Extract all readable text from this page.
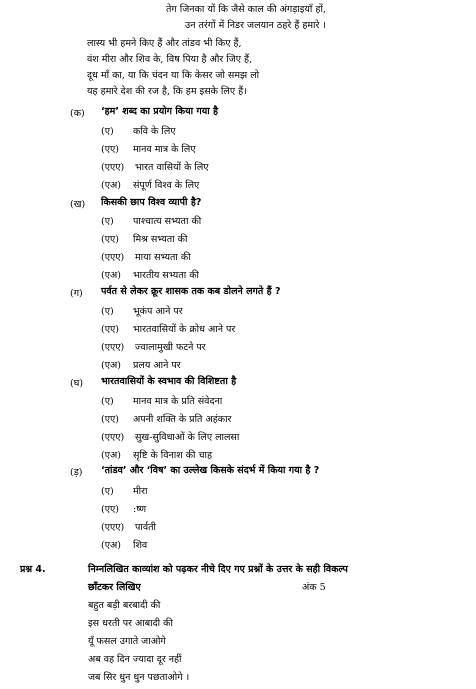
तेग जिनका यों कि जैसे काल की अंगड़ाइयाँ हों,
उन तरंगों में निडर जलयान ठहरे हैं हमारे ।
लास्य भी हमने किए हैं और तांडव भी किए हैं,
वंश मीरा और शिव के, विष पिया है और जिए हैं,
दूध माँ का, या कि चंदन या कि केसर जो समझ लो
यह हमारे देश की रज है, कि हम इसके लिए हैं।
(क) ‘हम’ शब्द का प्रयोग किया गया है
(ए) कवि के लिए
(एए) मानव मात्र के लिए
(एएए) भारत वासियों के लिए
(एअ) संपूर्ण विश्व के लिए
(ख) किसकी छाप विश्व व्यापी है?
(ए) पाश्चात्य सभ्यता की
(एए) मिश्र सभ्यता की
(एएए) माया सभ्यता की
(एअ) भारतीय सभ्यता की
(ग) पर्वत से लेकर क्रूर शासक तक कब डोलने लगते हैं ?
(ए) भूकंप आने पर
(एए) भारतवासियों के क्रोध आने पर
(एएए) ज्वालामुखी फटने पर
(एअ) प्रलय आने पर
(घ) भारतवासियों के स्वभाव की विशिष्टता है
(ए) मानव मात्र के प्रति संवेदना
(एए) अपनी शक्ति के प्रति अहंकार
(एएए) सुख-सुविधाओं के लिए लालसा
(एअ) सृष्टि के विनाश की चाह
(ड़) ‘तांडव’ और ‘विष’ का उल्लेख किसके संदर्भ में किया गया है ?
(ए) मीरा
(एए) :ष्ण
(एएए) पार्वती
(एअ) शिव
प्रश्न 4.	निम्नलिखित काव्यांश को पढ़कर नीचे दिए गए प्रश्नों के उत्तर के सही विकल्प
छाँटकर लिखिए	अंक 5
बहुत बड़ी बरबादी की
इस धरती पर आबादी की
यूँ फसल उगाते जाओगे
अब वह दिन ज्यादा दूर नहीं
जब सिर धुन धुन पछताओगे ।
